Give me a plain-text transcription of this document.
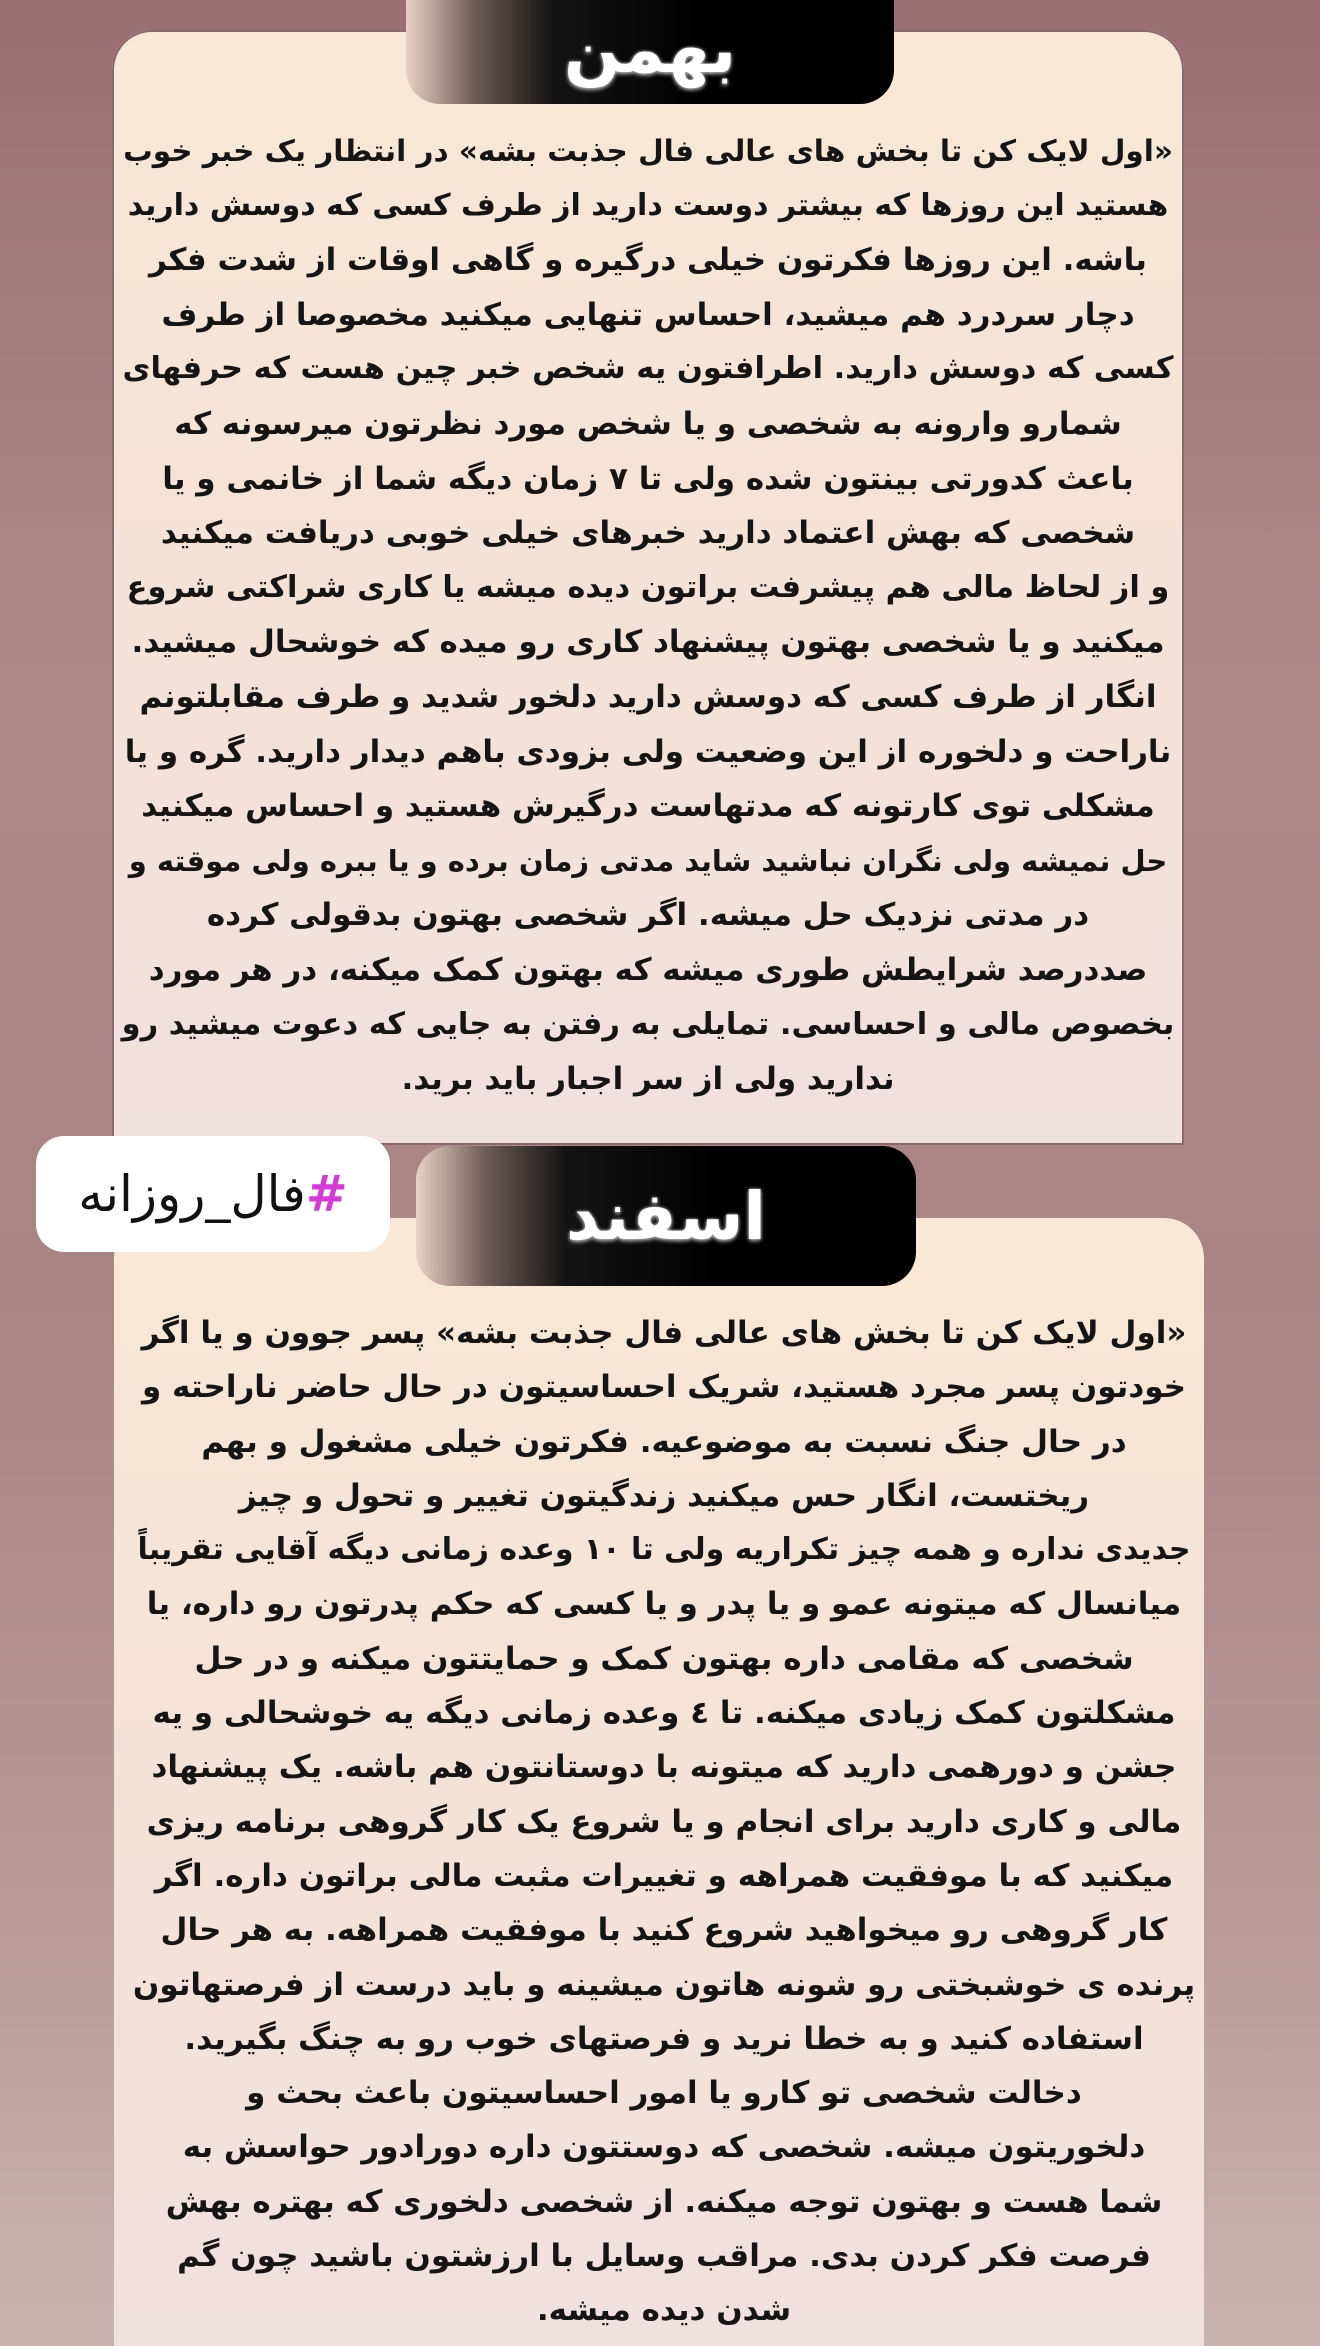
بهمن
«اول لایک کن تا بخش های عالی فال جذبت بشه» در انتظار یک خبر خوب
هستید این روزها که بیشتر دوست دارید از طرف کسی که دوسش دارید
باشه. این روزها فکرتون خیلی درگیره و گاهی اوقات از شدت فکر
دچار سردرد هم میشید، احساس تنهایی میکنید مخصوصا از طرف
کسی که دوسش دارید. اطرافتون یه شخص خبر چین هست که حرفهای
شمارو وارونه به شخصی و یا شخص مورد نظرتون میرسونه که
باعث کدورتی بینتون شده ولی تا ۷ زمان دیگه شما از خانمی و یا
شخصی که بهش اعتماد دارید خبرهای خیلی خوبی دریافت میکنید
و از لحاظ مالی هم پیشرفت براتون دیده میشه یا کاری شراکتی شروع
میکنید و یا شخصی بهتون پیشنهاد کاری رو میده که خوشحال میشید.
انگار از طرف کسی که دوسش دارید دلخور شدید و طرف مقابلتونم
ناراحت و دلخوره از این وضعیت ولی بزودی باهم دیدار دارید. گره و یا
مشکلی توی کارتونه که مدتهاست درگیرش هستید و احساس میکنید
حل نمیشه ولی نگران نباشید شاید مدتی زمان برده و یا ببره ولی موقته و
در مدتی نزدیک حل میشه. اگر شخصی بهتون بدقولی کرده
صددرصد شرایطش طوری میشه که بهتون کمک میکنه، در هر مورد
بخصوص مالی و احساسی. تمایلی به رفتن به جایی که دعوت میشید رو
ندارید ولی از سر اجبار باید برید.
اسفند
«اول لایک کن تا بخش های عالی فال جذبت بشه» پسر جوون و یا اگر
خودتون پسر مجرد هستید، شریک احساسیتون در حال حاضر ناراحته و
در حال جنگ نسبت به موضوعیه. فکرتون خیلی مشغول و بهم
ریختست، انگار حس میکنید زندگیتون تغییر و تحول و چیز
جدیدی نداره و همه چیز تکراریه ولی تا ۱۰ وعده زمانی دیگه آقایی تقریباً
میانسال که میتونه عمو و یا پدر و یا کسی که حکم پدرتون رو داره، یا
شخصی که مقامی داره بهتون کمک و حمایتتون میکنه و در حل
مشکلتون کمک زیادی میکنه. تا ٤ وعده زمانی دیگه یه خوشحالی و یه
جشن و دورهمی دارید که میتونه با دوستانتون هم باشه. یک پیشنهاد
مالی و کاری دارید برای انجام و یا شروع یک کار گروهی برنامه ریزی
میکنید که با موفقیت همراهه و تغییرات مثبت مالی براتون داره. اگر
کار گروهی رو میخواهید شروع کنید با موفقیت همراهه. به هر حال
پرنده ی خوشبختی رو شونه هاتون میشینه و باید درست از فرصتهاتون
استفاده کنید و به خطا نرید و فرصتهای خوب رو به چنگ بگیرید.
دخالت شخصی تو کارو یا امور احساسیتون باعث بحث و
دلخوریتون میشه. شخصی که دوستتون داره دورادور حواسش به
شما هست و بهتون توجه میکنه. از شخصی دلخوری که بهتره بهش
فرصت فکر کردن بدی. مراقب وسایل با ارزشتون باشید چون گم
شدن دیده میشه.
#
فال_روزانه
